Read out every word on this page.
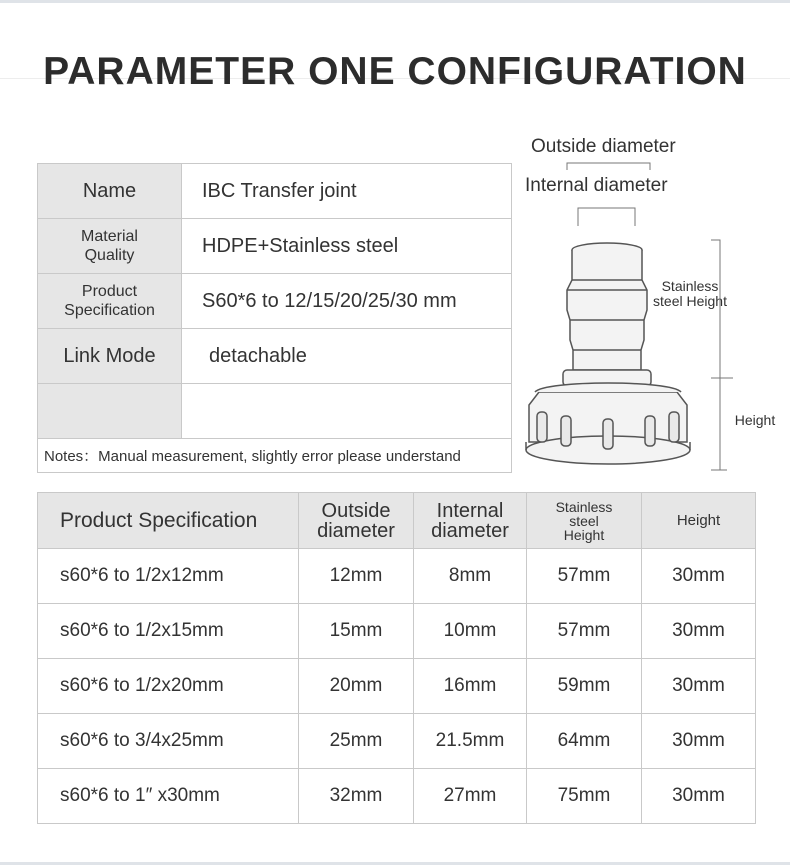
PARAMETER ONE CONFIGURATION
Name	IBC Transfer joint

Material Quality	HDPE+Stainless steel

Product Specification	S60*6 to 12/15/20/25/30 mm
Link Mode	detachable

Notes：Manual measurement, slightly error please understand	
Outside diameter
Internal diameter
Stainless steel Height
Height
Product Specification	Outside diameter	Internal diameter	Stainless steel Height	Height
s60*6 to 1/2x12mm	12mm	8mm	57mm	30mm
s60*6 to 1/2x15mm	15mm	10mm	57mm	30mm
s60*6 to 1/2x20mm	20mm	16mm	59mm	30mm
s60*6 to 3/4x25mm	25mm	21.5mm	64mm	30mm
s60*6 to 1″ x30mm	32mm	27mm	75mm	30mm
